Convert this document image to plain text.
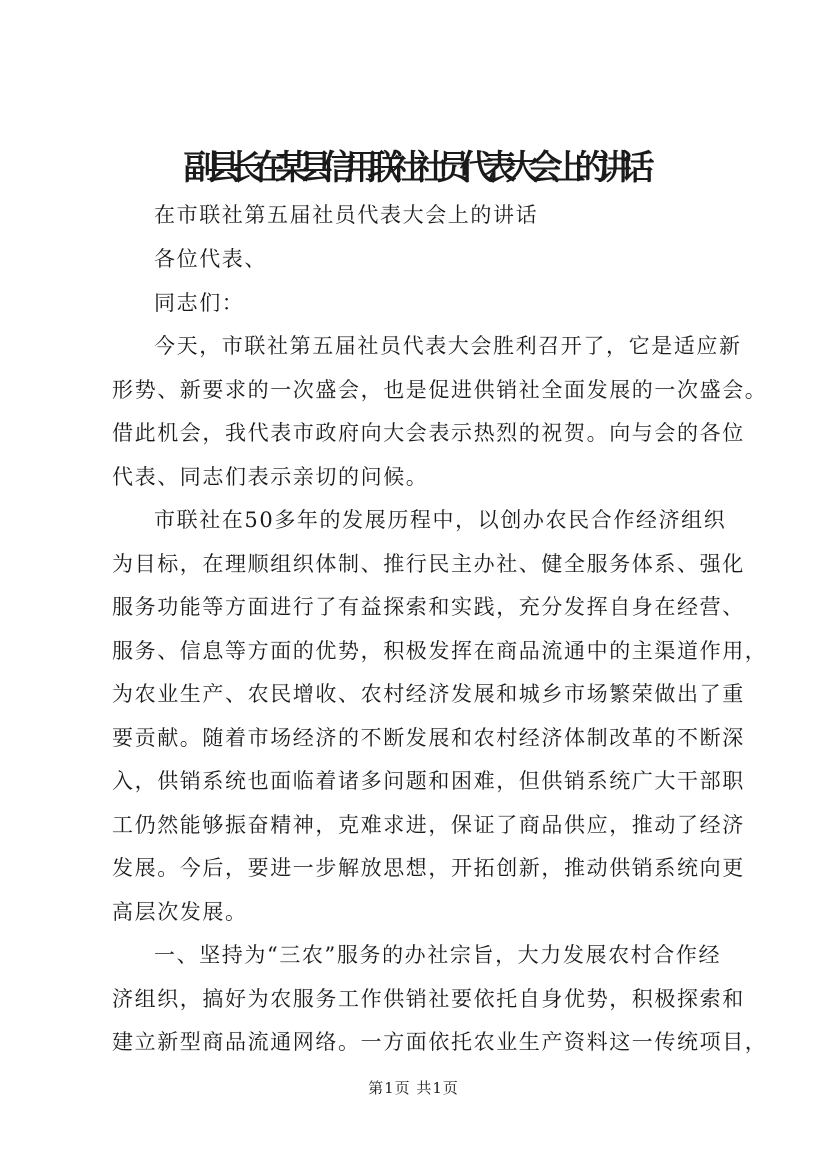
副县长在某县信用联社社员代表大会上的讲话

在市联社第五届社员代表大会上的讲话

各位代表、

同志们：

今天，市联社第五届社员代表大会胜利召开了，它是适应新

形势、新要求的一次盛会，也是促进供销社全面发展的一次盛会。

借此机会，我代表市政府向大会表示热烈的祝贺。向与会的各位

代表、同志们表示亲切的问候。

市联社在50多年的发展历程中，以创办农民合作经济组织

为目标，在理顺组织体制、推行民主办社、健全服务体系、强化

服务功能等方面进行了有益探索和实践，充分发挥自身在经营、

服务、信息等方面的优势，积极发挥在商品流通中的主渠道作用，

为农业生产、农民增收、农村经济发展和城乡市场繁荣做出了重

要贡献。随着市场经济的不断发展和农村经济体制改革的不断深

入，供销系统也面临着诸多问题和困难，但供销系统广大干部职

工仍然能够振奋精神，克难求进，保证了商品供应，推动了经济

发展。今后，要进一步解放思想，开拓创新，推动供销系统向更

高层次发展。

一、坚持为“三农”服务的办社宗旨，大力发展农村合作经

济组织，搞好为农服务工作供销社要依托自身优势，积极探索和

建立新型商品流通网络。一方面依托农业生产资料这一传统项目，

第1页 共1页
